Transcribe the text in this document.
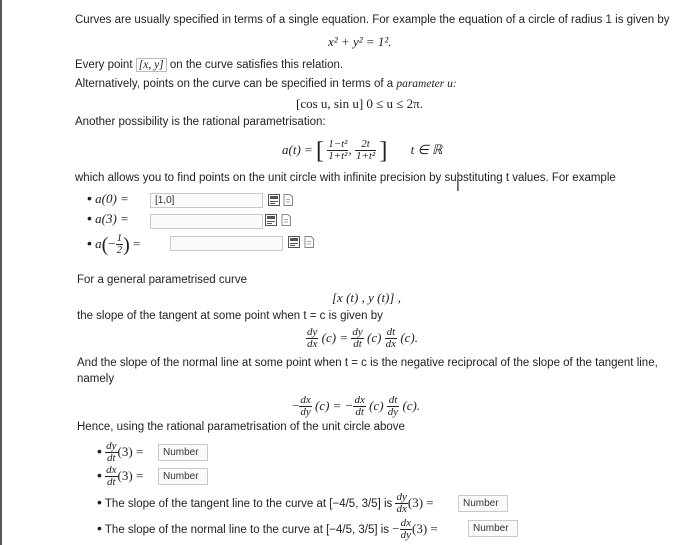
Curves are usually specified in terms of a single equation. For example the equation of a circle of radius 1 is given by
x² + y² = 1².
Every point [x, y] on the curve satisfies this relation.
Alternatively, points on the curve can be specified in terms of a parameter u:
[cos u, sin u] 0 ≤ u ≤ 2π.
Another possibility is the rational parametrisation:
a(t) = [ $\frac{\text{1−t²}}{\text{1+t²}}$ , $\frac{2t}{\text{1+t²}}$ ] t ∈ ℝ
which allows you to find points on the unit circle with infinite precision by substituting t values. For example
I
• a(0) =	[1,0]
• a(3) =
• $a(- \frac{1}{2}$ ) =
For a general parametrised curve
[x (t) , y (t)] ,
the slope of the tangent at some point when t = c is given by
$\frac{dy}{dx} (c) = \frac{dy}{dt} (c) \frac{dt}{dx} (c)$.
And the slope of the normal line at some point when t = c is the negative reciprocal of the slope of the tangent line,
namely
− $\frac{dx}{dy} (c)$ = − $\frac{dx}{dt} (c) \frac{dt}{dy} (c)$.
Hence, using the rational parametrisation of the unit circle above
• $\frac{dy}{dt} (3)$ =	Number
• $\frac{dx}{dt} (3)$ =	Number
• The slope of the tangent line to the curve at [−4/5, 3/5] is $\frac{dy}{dx} (3)$ =	Number
• The slope of the normal line to the curve at [−4/5, 3/5] is − $\frac{dx}{dy} (3)$ =	Number
